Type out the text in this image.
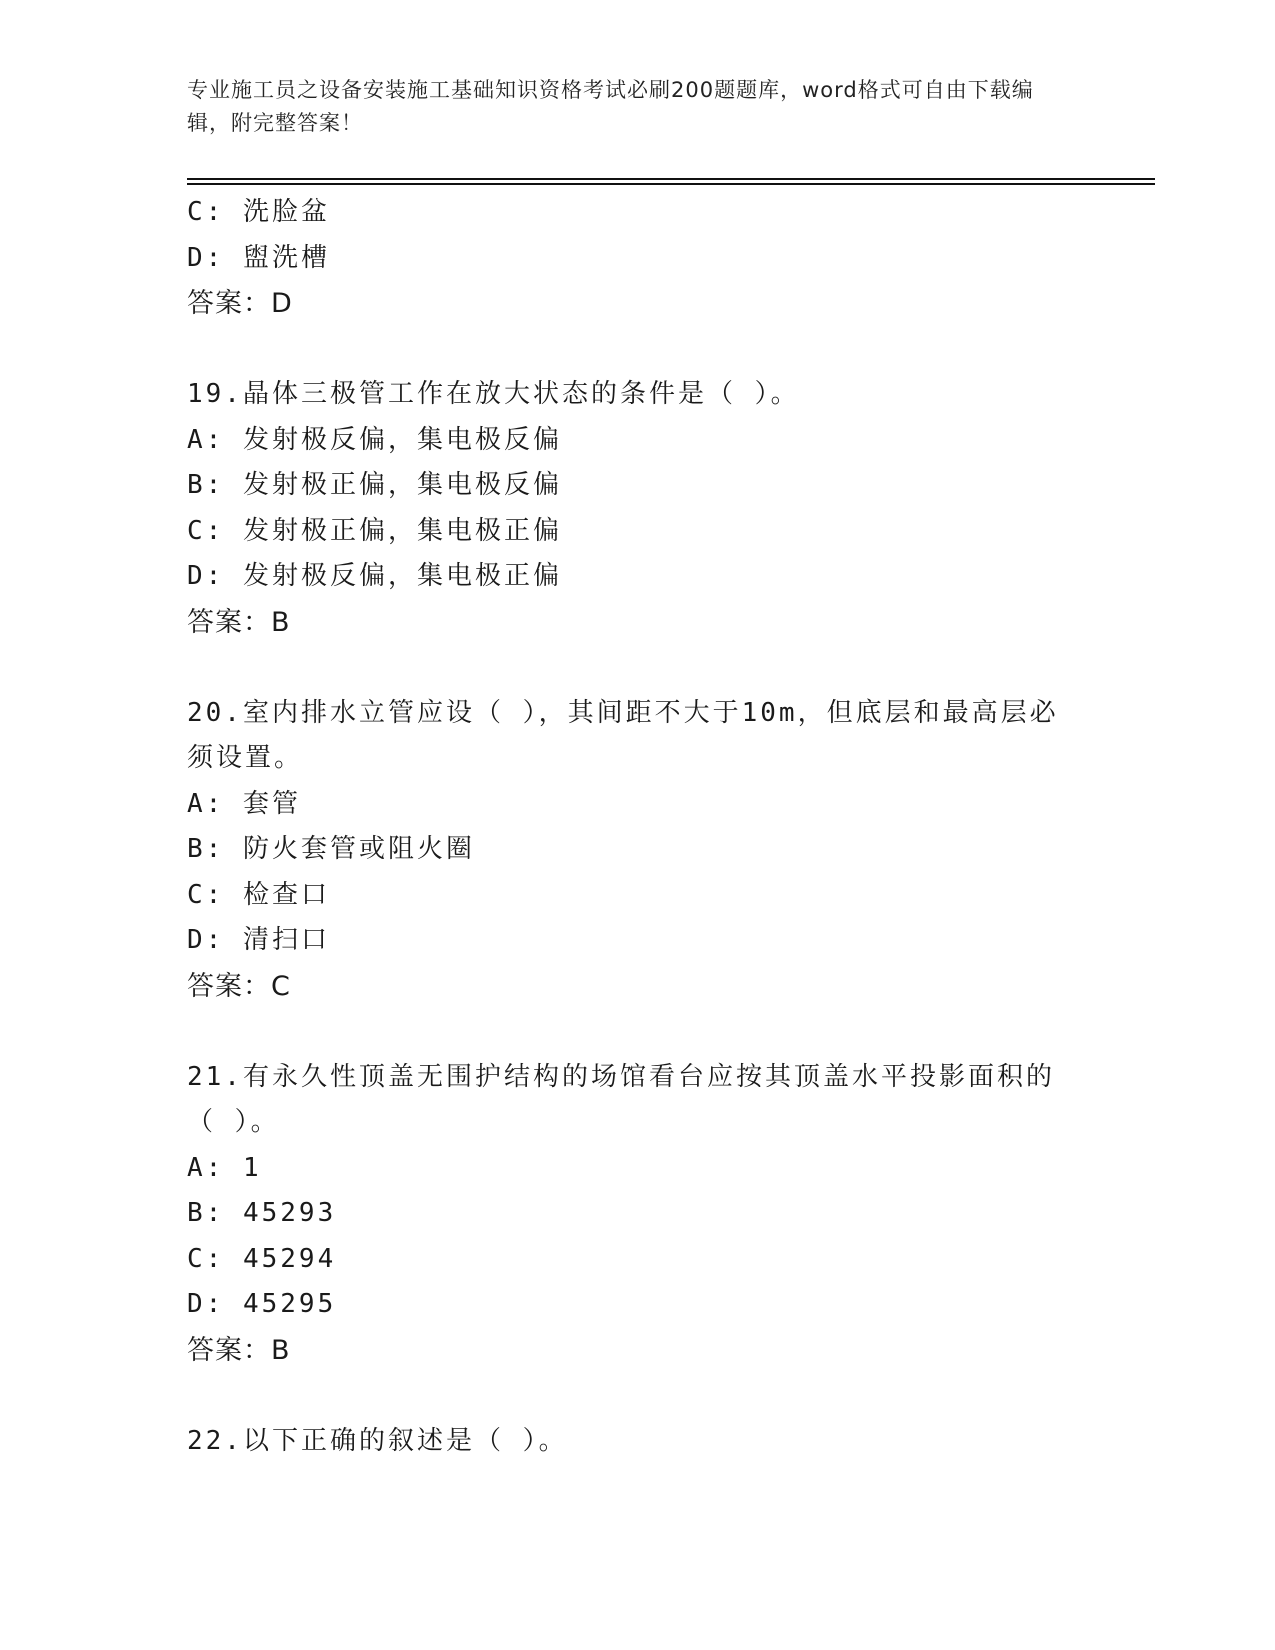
专业施工员之设备安装施工基础知识资格考试必刷200题题库，word格式可自由下载编辑，附完整答案！
C: 洗脸盆
D: 盥洗槽
答案：D
19.晶体三极管工作在放大状态的条件是（ ）。
A: 发射极反偏，集电极反偏
B: 发射极正偏，集电极反偏
C: 发射极正偏，集电极正偏
D: 发射极反偏，集电极正偏
答案：B
20.室内排水立管应设（ ），其间距不大于10m，但底层和最高层必须设置。
A: 套管
B: 防火套管或阻火圈
C: 检查口
D: 清扫口
答案：C
21.有永久性顶盖无围护结构的场馆看台应按其顶盖水平投影面积的（ ）。
A: 1
B: 45293
C: 45294
D: 45295
答案：B
22.以下正确的叙述是（ ）。
